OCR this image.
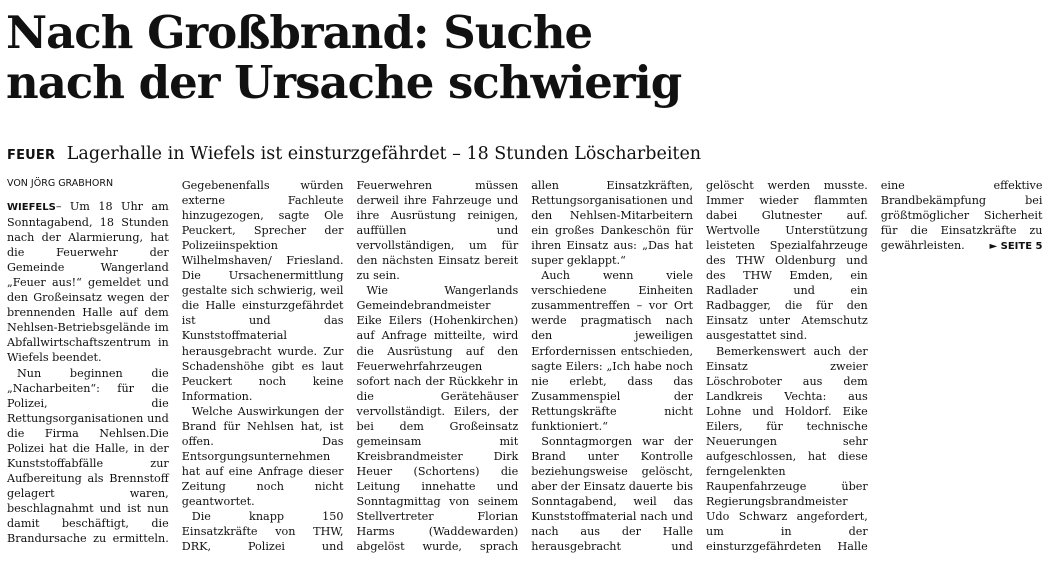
Nach Großbrand: Suche nach der Ursache schwierig
FEUER Lagerhalle in Wiefels ist einsturzgefährdet – 18 Stunden Löscharbeiten
VON JÖRG GRABHORN

WIEFELS– Um 18 Uhr am Sonntagabend, 18 Stunden nach der Alarmierung, hat die Feuerwehr der Gemeinde Wangerland „Feuer aus!“ gemeldet und den Großeinsatz wegen der brennenden Halle auf dem Nehlsen-Betriebsgelände im Abfallwirtschaftszentrum in Wiefels beendet.

Nun beginnen die „Nacharbeiten“: für die Polizei, die Rettungsorganisationen und die Firma Nehlsen.Die Polizei hat die Halle, in der Kunststoffabfälle zur Aufbereitung als Brennstoff gelagert waren, beschlagnahmt und ist nun damit beschäftigt, die Brandursache zu ermitteln. Gegebenenfalls würden externe Fachleute hinzugezogen, sagte Ole Peuckert, Sprecher der Polizeiinspektion Wilhelmshaven/ Friesland. Die Ursachenermittlung gestalte sich schwierig, weil die Halle einsturzgefährdet ist und das Kunststoffmaterial herausgebracht wurde. Zur Schadenshöhe gibt es laut Peuckert noch keine Information.

Welche Auswirkungen der Brand für Nehlsen hat, ist offen. Das Entsorgungsunternehmen hat auf eine Anfrage dieser Zeitung noch nicht geantwortet.

Die knapp 150 Einsatzkräfte von THW, DRK, Polizei und Feuerwehren müssen derweil ihre Fahrzeuge und ihre Ausrüstung reinigen, auffüllen und vervollständigen, um für den nächsten Einsatz bereit zu sein.

Wie Wangerlands Gemeindebrandmeister Eike Eilers (Hohenkirchen) auf Anfrage mitteilte, wird die Ausrüstung auf den Feuerwehrfahrzeugen sofort nach der Rückkehr in die Gerätehäuser vervollständigt. Eilers, der bei dem Großeinsatz gemeinsam mit Kreisbrandmeister Dirk Heuer (Schortens) die Leitung innehatte und Sonntagmittag von seinem Stellvertreter Florian Harms (Waddewarden) abgelöst wurde, sprach allen Einsatzkräften, Rettungsorganisationen und den Nehlsen-Mitarbeitern ein großes Dankeschön für ihren Einsatz aus: „Das hat super geklappt.“

Auch wenn viele verschiedene Einheiten zusammentreffen – vor Ort werde pragmatisch nach den jeweiligen Erfordernissen entschieden, sagte Eilers: „Ich habe noch nie erlebt, dass das Zusammenspiel der Rettungskräfte nicht funktioniert.“

Sonntagmorgen war der Brand unter Kontrolle beziehungsweise gelöscht, aber der Einsatz dauerte bis Sonntagabend, weil das Kunststoffmaterial nach und nach aus der Halle herausgebracht und gelöscht werden musste. Immer wieder flammten dabei Glutnester auf. Wertvolle Unterstützung leisteten Spezialfahrzeuge des THW Oldenburg und des THW Emden, ein Radlader und ein Radbagger, die für den Einsatz unter Atemschutz ausgestattet sind.

Bemerkenswert auch der Einsatz zweier Löschroboter aus dem Landkreis Vechta: aus Lohne und Holdorf. Eike Eilers, für technische Neuerungen sehr aufgeschlossen, hat diese ferngelenkten Raupenfahrzeuge über Regierungsbrandmeister Udo Schwarz angefordert, um in der einsturzgefährdeten Halle eine effektive Brandbekämpfung bei größtmöglicher Sicherheit für die Einsatzkräfte zu gewährleisten.	► SEITE 5
